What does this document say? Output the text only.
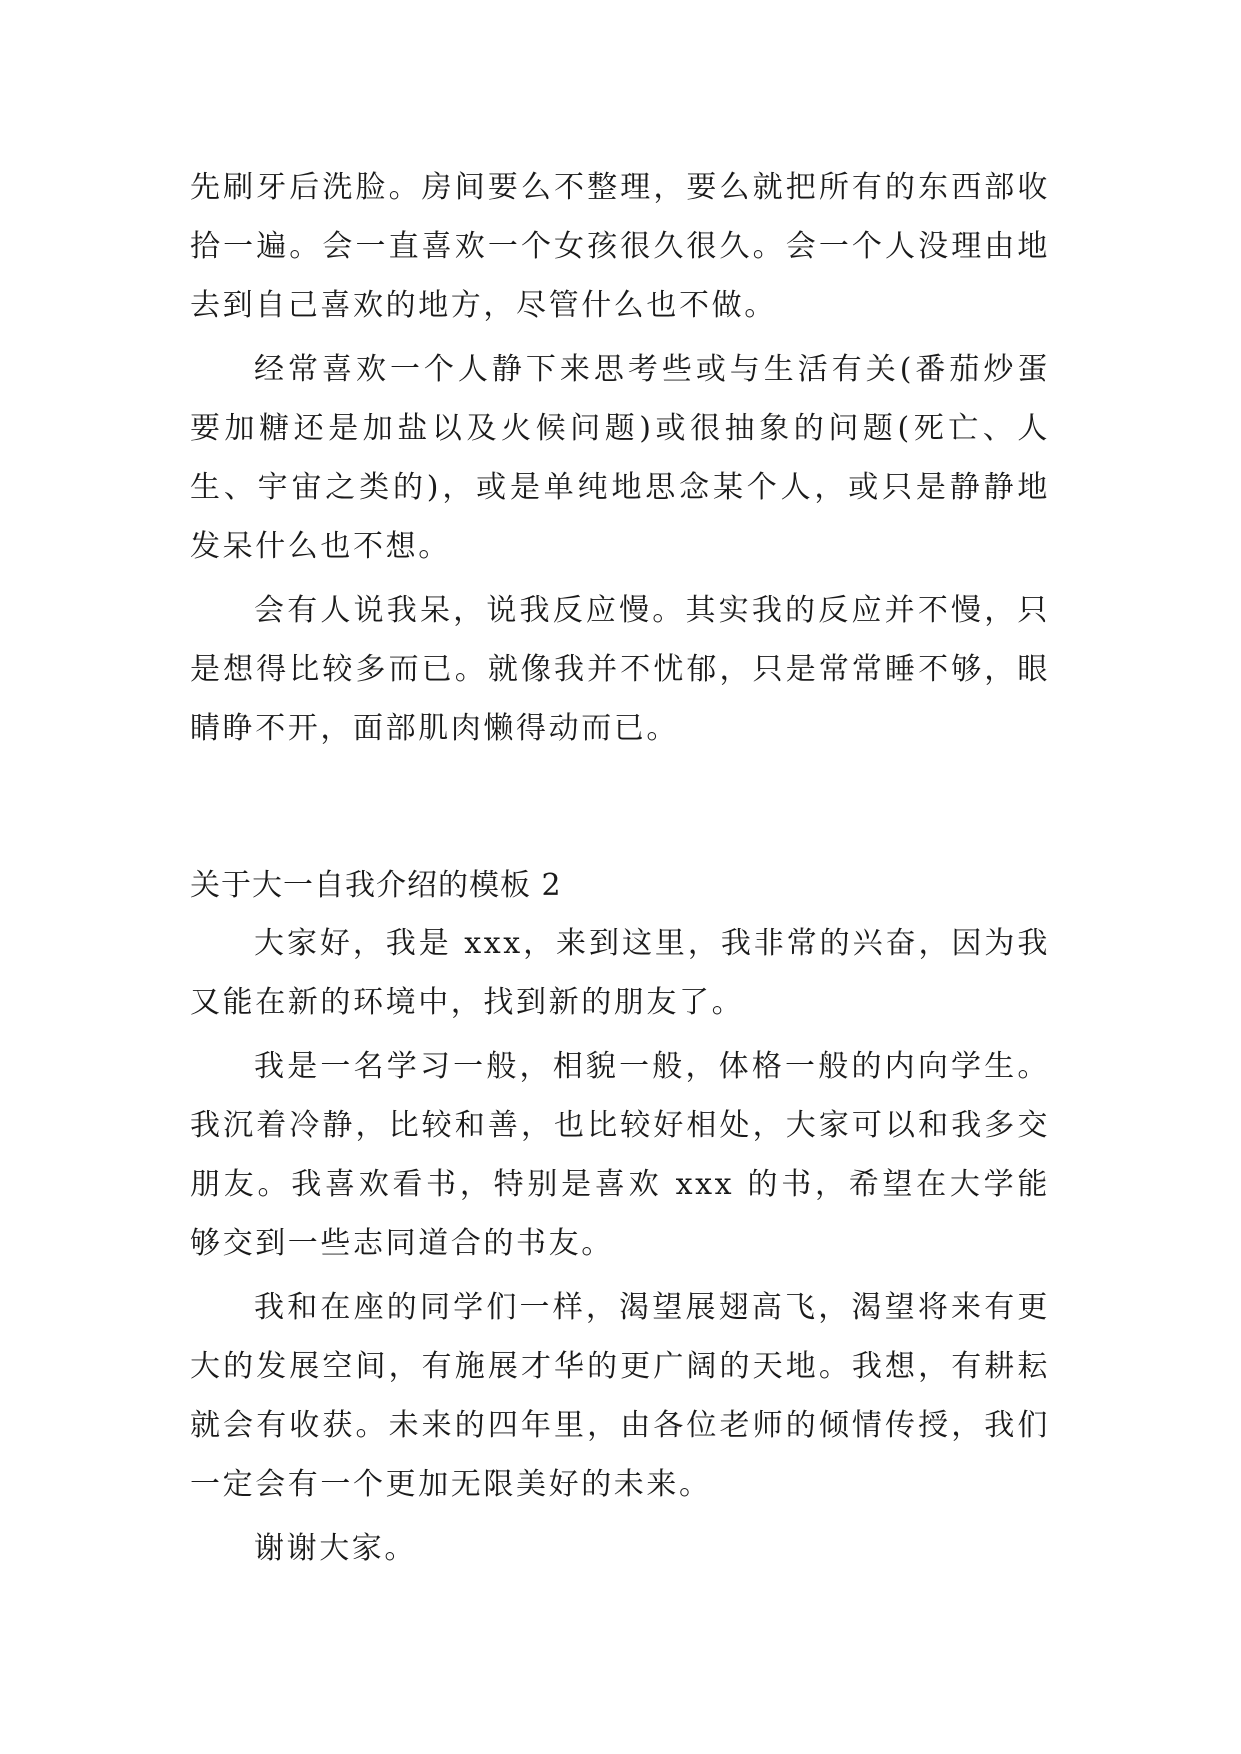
先刷牙后洗脸。房间要么不整理，要么就把所有的东西部收拾一遍。会一直喜欢一个女孩很久很久。会一个人没理由地去到自己喜欢的地方，尽管什么也不做。

经常喜欢一个人静下来思考些或与生活有关(番茄炒蛋要加糖还是加盐以及火候问题)或很抽象的问题(死亡、人生、宇宙之类的)，或是单纯地思念某个人，或只是静静地发呆什么也不想。

会有人说我呆，说我反应慢。其实我的反应并不慢，只是想得比较多而已。就像我并不忧郁，只是常常睡不够，眼睛睁不开，面部肌肉懒得动而已。

关于大一自我介绍的模板 2

大家好，我是 xxx，来到这里，我非常的兴奋，因为我又能在新的环境中，找到新的朋友了。

我是一名学习一般，相貌一般，体格一般的内向学生。我沉着冷静，比较和善，也比较好相处，大家可以和我多交朋友。我喜欢看书，特别是喜欢 xxx 的书，希望在大学能够交到一些志同道合的书友。

我和在座的同学们一样，渴望展翅高飞，渴望将来有更大的发展空间，有施展才华的更广阔的天地。我想，有耕耘就会有收获。未来的四年里，由各位老师的倾情传授，我们一定会有一个更加无限美好的未来。

谢谢大家。
